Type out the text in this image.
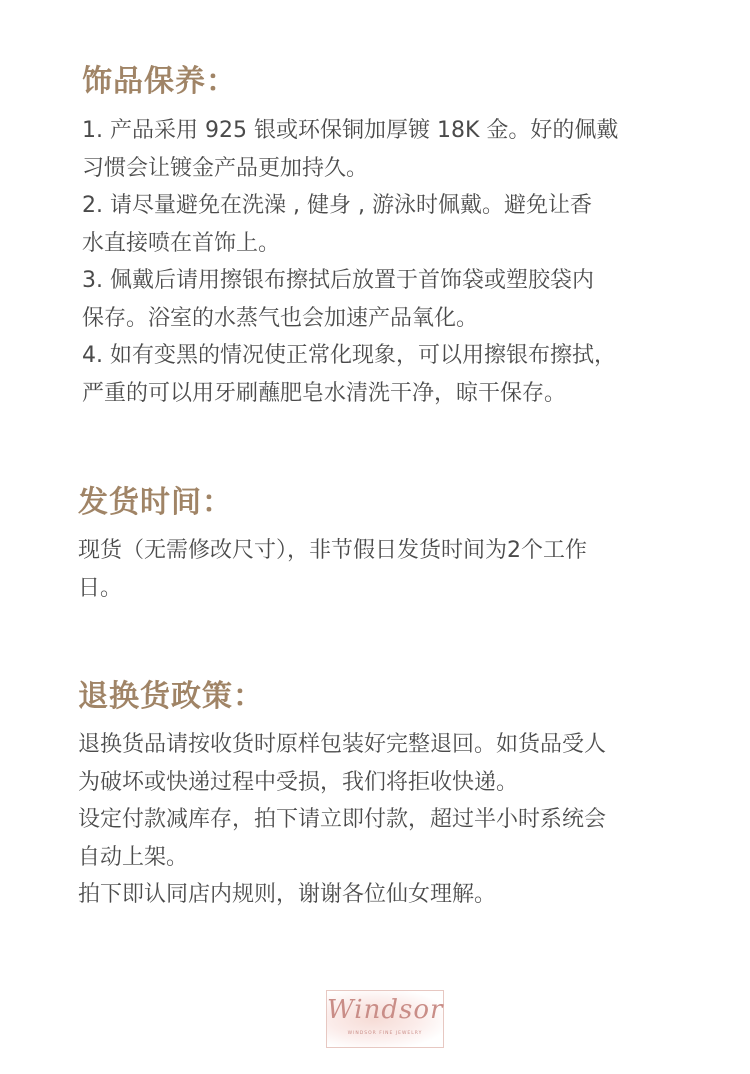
饰品保养：
1. 产品采用 925 银或环保铜加厚镀 18K 金。好的佩戴
习惯会让镀金产品更加持久。
2. 请尽量避免在洗澡 , 健身 , 游泳时佩戴。避免让香
水直接喷在首饰上。
3. 佩戴后请用擦银布擦拭后放置于首饰袋或塑胶袋内
保存。浴室的水蒸气也会加速产品氧化。
4. 如有变黑的情况使正常化现象，可以用擦银布擦拭，
严重的可以用牙刷蘸肥皂水清洗干净，晾干保存。
发货时间：
现货（无需修改尺寸），非节假日发货时间为2个工作
日。
退换货政策：
退换货品请按收货时原样包装好完整退回。如货品受人
为破坏或快递过程中受损，我们将拒收快递。
设定付款减库存，拍下请立即付款，超过半小时系统会
自动上架。
拍下即认同店内规则，谢谢各位仙女理解。
Windsor
WINDSOR FINE JEWELRY
